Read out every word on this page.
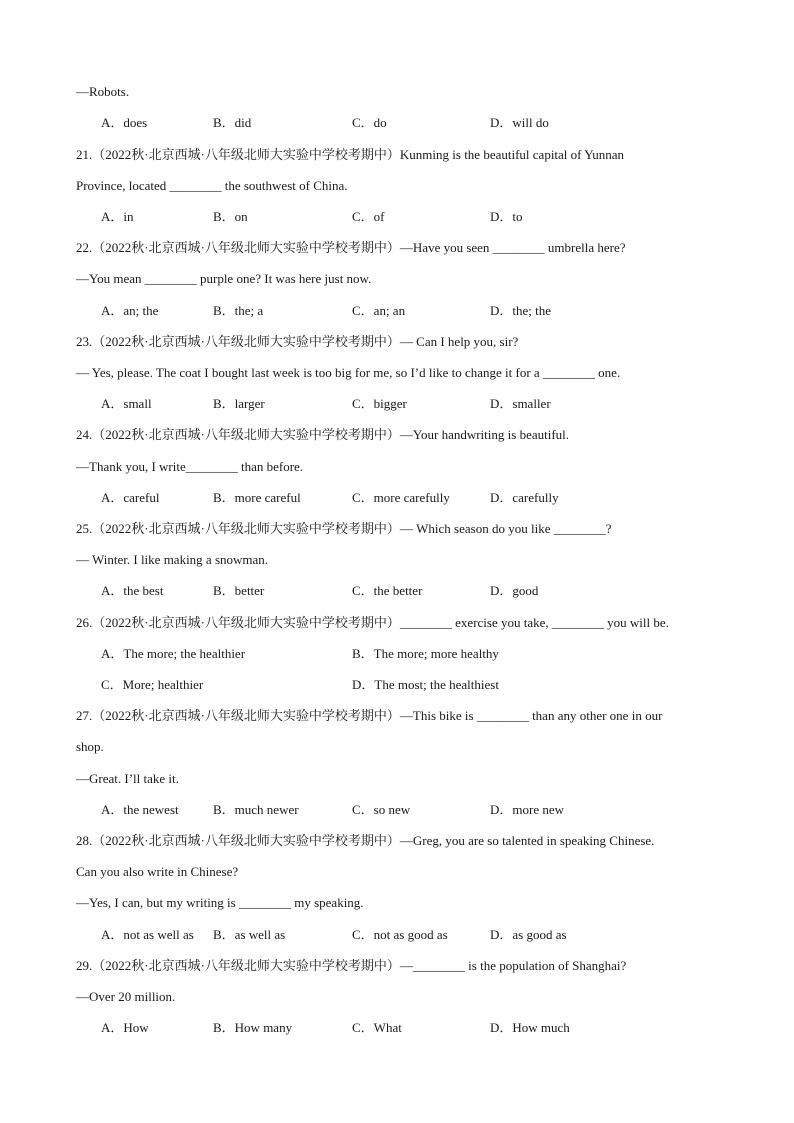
—Robots.
A．does	B．did	C．do	D．will do
21.（2022秋·北京西城·八年级北师大实验中学校考期中）Kunming is the beautiful capital of Yunnan
Province, located ________ the southwest of China.
A．in	B．on	C．of	D．to
22.（2022秋·北京西城·八年级北师大实验中学校考期中）—Have you seen ________ umbrella here?
—You mean ________ purple one? It was here just now.
A．an; the	B．the; a	C．an; an	D．the; the
23.（2022秋·北京西城·八年级北师大实验中学校考期中）— Can I help you, sir?
— Yes, please. The coat I bought last week is too big for me, so I’d like to change it for a ________ one.
A．small	B．larger	C．bigger	D．smaller
24.（2022秋·北京西城·八年级北师大实验中学校考期中）—Your handwriting is beautiful.
—Thank you, I write________ than before.
A．careful	B．more careful	C．more carefully	D．carefully
25.（2022秋·北京西城·八年级北师大实验中学校考期中）— Which season do you like ________?
— Winter. I like making a snowman.
A．the best	B．better	C．the better	D．good
26.（2022秋·北京西城·八年级北师大实验中学校考期中）________ exercise you take, ________ you will be.
A．The more; the healthier	B．The more; more healthy
C．More; healthier	D．The most; the healthiest
27.（2022秋·北京西城·八年级北师大实验中学校考期中）—This bike is ________ than any other one in our
shop.
—Great. I’ll take it.
A．the newest	B．much newer	C．so new	D．more new
28.（2022秋·北京西城·八年级北师大实验中学校考期中）—Greg, you are so talented in speaking Chinese.
Can you also write in Chinese?
—Yes, I can, but my writing is ________ my speaking.
A．not as well as B．as well as	C．not as good as	D．as good as
29.（2022秋·北京西城·八年级北师大实验中学校考期中）—________ is the population of Shanghai?
—Over 20 million.
A．How	B．How many	C．What	D．How much
